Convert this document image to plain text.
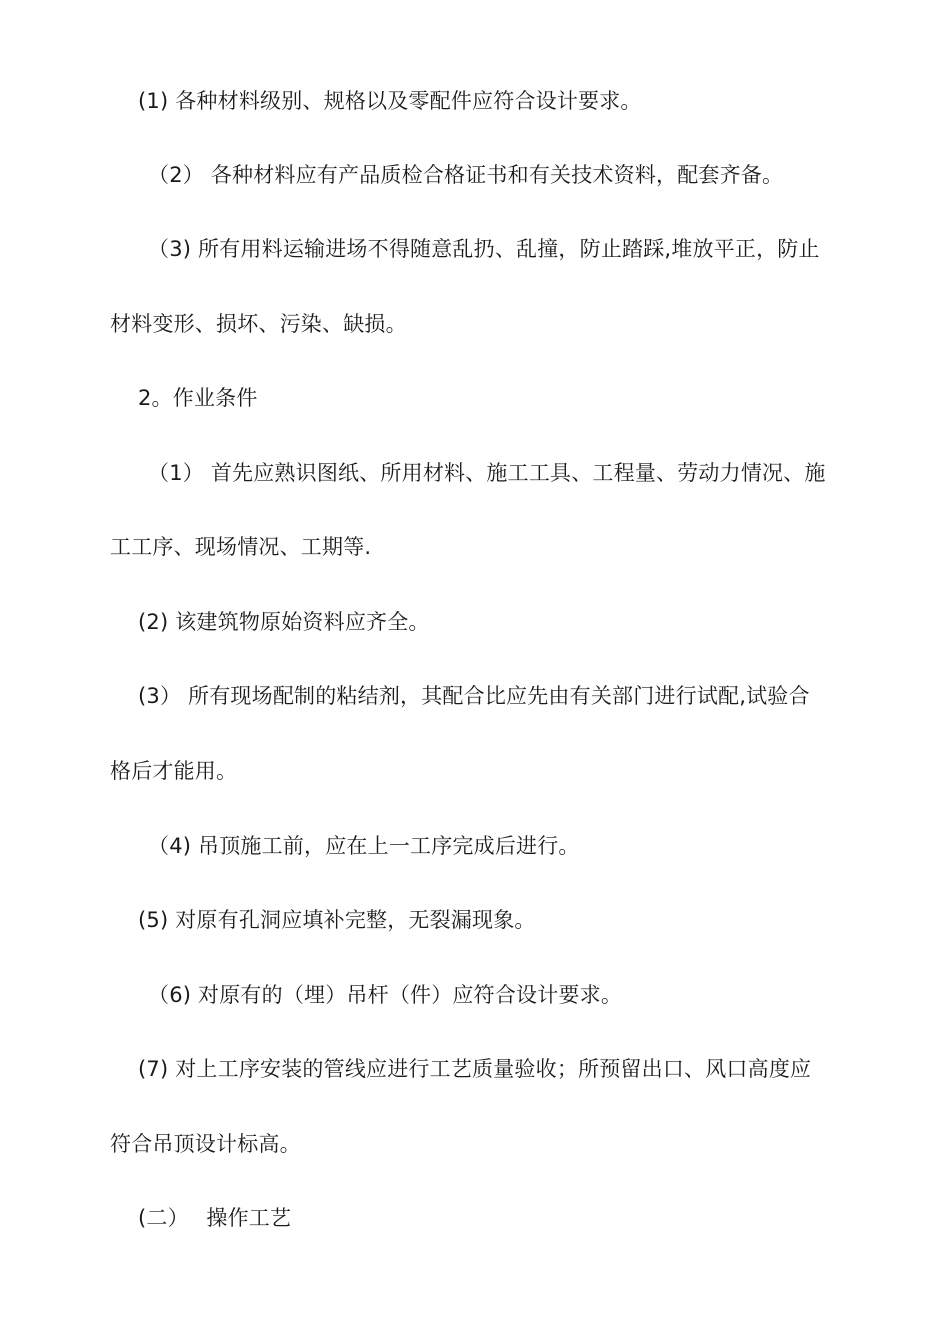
(1) 各种材料级别、规格以及零配件应符合设计要求。
（2） 各种材料应有产品质检合格证书和有关技术资料，配套齐备。
（3) 所有用料运输进场不得随意乱扔、乱撞，防止踏踩,堆放平正，防止
材料变形、损坏、污染、缺损。
2。作业条件
（1） 首先应熟识图纸、所用材料、施工工具、工程量、劳动力情况、施
工工序、现场情况、工期等.
(2) 该建筑物原始资料应齐全。
(3） 所有现场配制的粘结剂，其配合比应先由有关部门进行试配,试验合
格后才能用。
（4) 吊顶施工前，应在上一工序完成后进行。
(5) 对原有孔洞应填补完整，无裂漏现象。
（6) 对原有的（埋）吊杆（件）应符合设计要求。
(7) 对上工序安装的管线应进行工艺质量验收；所预留出口、风口高度应
符合吊顶设计标高。
(二）　 操作工艺
